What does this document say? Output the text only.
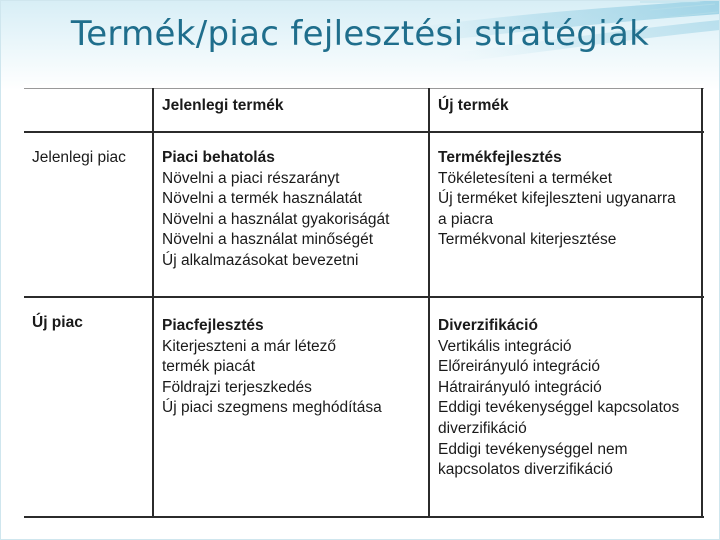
Termék/piac fejlesztési stratégiák
Jelenlegi termék	Új termék
Jelenlegi piac
Új piac
Piaci behatolás
Növelni a piaci részarányt
Növelni a termék használatát
Növelni a használat gyakoriságát
Növelni a használat minőségét
Új alkalmazásokat bevezetni
Termékfejlesztés
Tökéletesíteni a terméket
Új terméket kifejleszteni ugyanarra
a piacra
Termékvonal kiterjesztése
Piacfejlesztés
Kiterjeszteni a már létező
termék piacát
Földrajzi terjeszkedés
Új piaci szegmens meghódítása
Diverzifikáció
Vertikális integráció
Előreirányuló integráció
Hátrairányuló integráció
Eddigi tevékenységgel kapcsolatos
diverzifikáció
Eddigi tevékenységgel nem
kapcsolatos diverzifikáció
